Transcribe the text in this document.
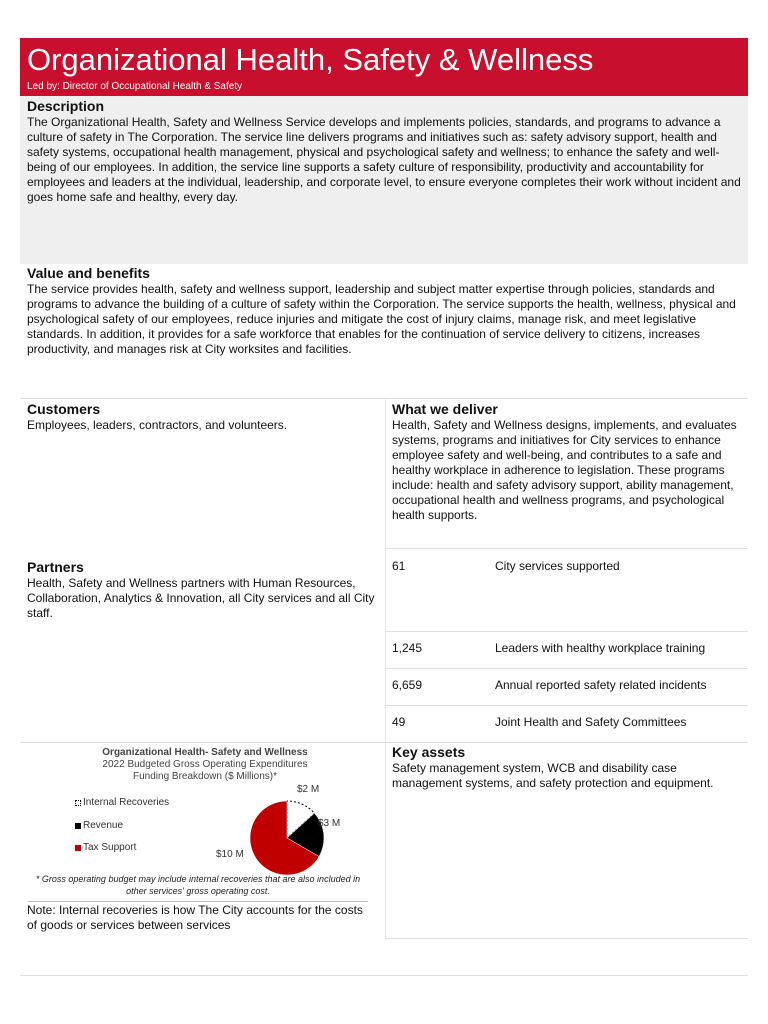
Organizational Health, Safety & Wellness
Led by: Director of Occupational Health & Safety

Description

The Organizational Health, Safety and Wellness Service develops and implements policies, standards, and programs to advance a culture of safety in The Corporation. The service line delivers programs and initiatives such as: safety advisory support, health and safety systems, occupational health management, physical and psychological safety and wellness; to enhance the safety and well-being of our employees. In addition, the service line supports a safety culture of responsibility, productivity and accountability for employees and leaders at the individual, leadership, and corporate level, to ensure everyone completes their work without incident and goes home safe and healthy, every day.

Value and benefits

The service provides health, safety and wellness support, leadership and subject matter expertise through policies, standards and programs to advance the building of a culture of safety within the Corporation. The service supports the health, wellness, physical and psychological safety of our employees, reduce injuries and mitigate the cost of injury claims, manage risk, and meet legislative standards. In addition, it provides for a safe workforce that enables for the continuation of service delivery to citizens, increases productivity, and manages risk at City worksites and facilities.

Customers

Employees, leaders, contractors, and volunteers.

What we deliver

Health, Safety and Wellness designs, implements, and evaluates systems, programs and initiatives for City services to enhance employee safety and well-being, and contributes to a safe and healthy workplace in adherence to legislation. These programs include: health and safety advisory support, ability management, occupational health and wellness programs, and psychological health supports.

Partners

Health, Safety and Wellness partners with Human Resources, Collaboration, Analytics & Innovation, all City services and all City staff.

61	City services supported
1,245	Leaders with healthy workplace training
6,659	Annual reported safety related incidents
49	Joint Health and Safety Committees

Key assets

Safety management system, WCB and disability case management systems, and safety protection and equipment.

Organizational Health- Safety and Wellness
2022 Budgeted Gross Operating Expenditures Funding Breakdown ($ Millions)*
Internal Recoveries
Revenue
Tax Support
$2 M
$3 M
$10 M
* Gross operating budget may include internal recoveries that are also included in other services' gross operating cost.
Note: Internal recoveries is how The City accounts for the costs of goods or services between services
